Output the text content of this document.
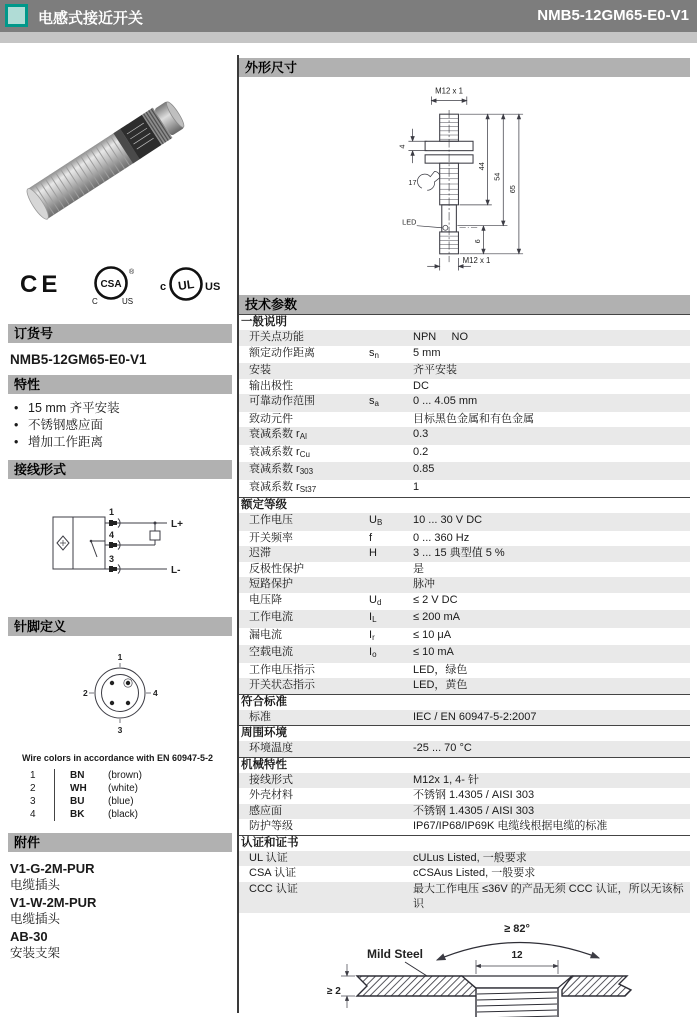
电感式接近开关	NMB5-12GM65-E0-V1
CE	CSA
®
C	US
UL
c	US
订货号
NMB5-12GM65-E0-V1
特性
• 15 mm 齐平安装
• 不锈钢感应面
• 增加工作距离
接线形式
1
4
3
L+
L-
针脚定义
1
2	4
3
Wire colors in accordance with EN 60947-5-2
1	BN	(brown)
2	WH	(white)
3	BU	(blue)
4	BK	(black)
附件
V1-G-2M-PUR
电缆插头
V1-W-2M-PUR
电缆插头
AB-30
安装支架
外形尺寸
M12 x 1
4
17
LED
44
54
65
6
M12 x 1
技术参数
一般说明
开关点功能	NPN     NO
额定动作距离	$s_n$	5 mm
安装	齐平安装
输出极性	DC
可靠动作范围	$s_a$	0 ... 4.05 mm
致动元件	目标黑色金属和有色金属
衰减系数 $r_{Al}$	0.3
衰减系数 $r_{Cu}$	0.2
衰减系数 $r_{303}$	0.85
衰减系数 $r_{St37}$	1
额定等级
工作电压	$U_B$	10 ... 30 V DC
开关频率	f	0 ... 360 Hz
迟滞	H	3 ... 15 典型值 5 %
反极性保护	是
短路保护	脉冲
电压降	$U_d$	≤ 2 V DC
工作电流	$I_L$	≤ 200 mA
漏电流	$I_r$	≤ 10 μA
空载电流	$I_o$	≤ 10 mA
工作电压指示	LED，绿色
开关状态指示	LED，黄色
符合标准
标准	IEC / EN 60947-5-2:2007
周围环境
环境温度	-25 ... 70 °C
机械特性
接线形式	M12x 1, 4- 针
外壳材料	不锈钢 1.4305 / AISI 303
感应面	不锈钢 1.4305 / AISI 303
防护等级	IP67/IP68/IP69K 电缆线根据电缆的标准
认证和证书
UL 认证	cULus Listed, 一般要求
CSA 认证	cCSAus Listed, 一般要求
CCC 认证	最大工作电压 ≤36V 的产品无须 CCC 认证，所以无该标识
≥ 82°
12
Mild Steel
≥ 2
